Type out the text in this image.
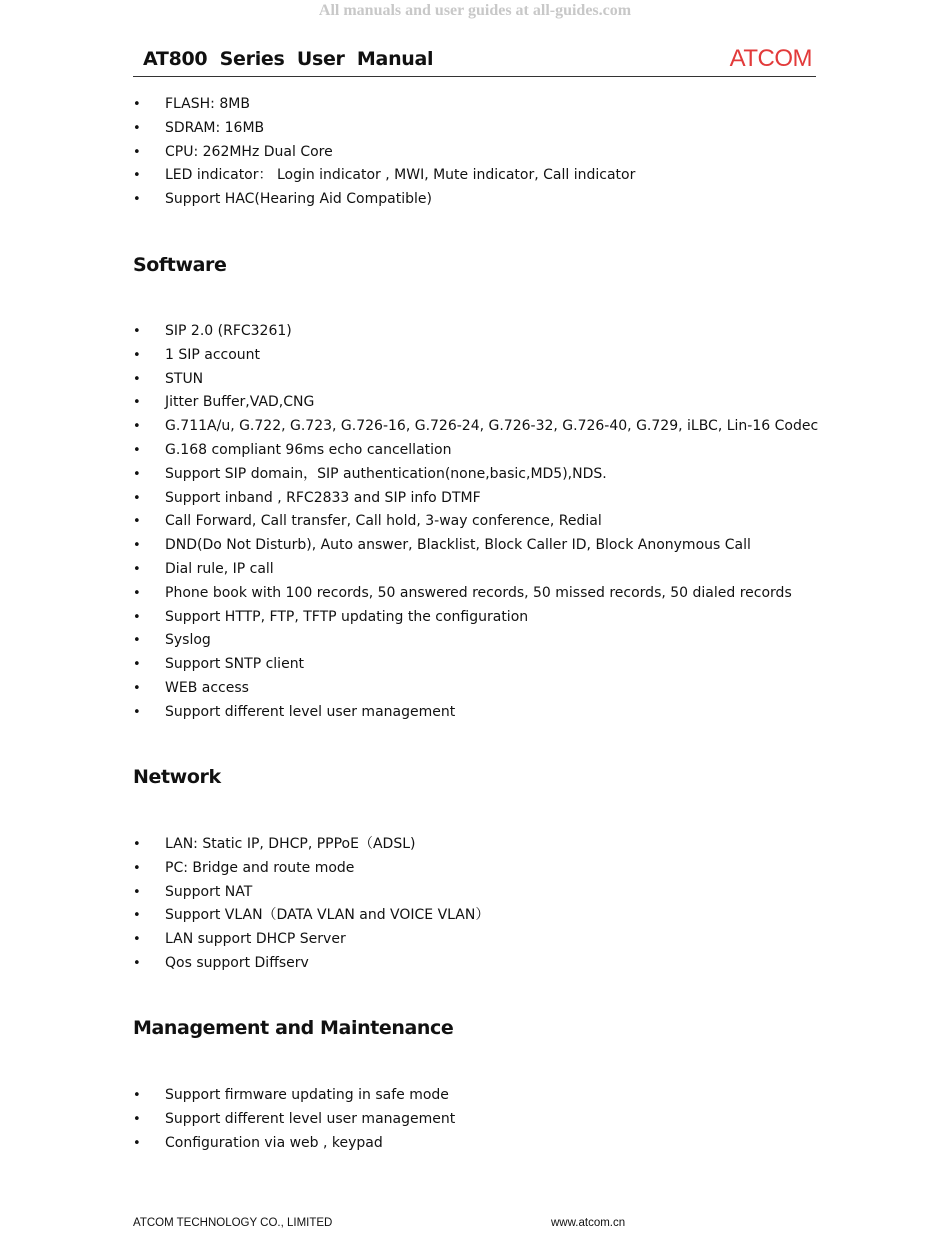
All manuals and user guides at all-guides.com
AT800 Series User Manual	ATCOM
• FLASH: 8MB
• SDRAM: 16MB
• CPU: 262MHz Dual Core
• LED indicator： Login indicator , MWI, Mute indicator, Call indicator
• Support HAC(Hearing Aid Compatible)
Software
• SIP 2.0 (RFC3261)
• 1 SIP account
• STUN
• Jitter Buffer,VAD,CNG
• G.711A/u, G.722, G.723, G.726-16, G.726-24, G.726-32, G.726-40, G.729, iLBC, Lin-16 Codec
• G.168 compliant 96ms echo cancellation
• Support SIP domain，SIP authentication(none,basic,MD5),NDS.
• Support inband , RFC2833 and SIP info DTMF
• Call Forward, Call transfer, Call hold, 3-way conference, Redial
• DND(Do Not Disturb), Auto answer, Blacklist, Block Caller ID, Block Anonymous Call
• Dial rule, IP call
• Phone book with 100 records, 50 answered records, 50 missed records, 50 dialed records
• Support HTTP, FTP, TFTP updating the configuration
• Syslog
• Support SNTP client
• WEB access
• Support different level user management
Network
• LAN: Static IP, DHCP, PPPoE（ADSL)
• PC: Bridge and route mode
• Support NAT
• Support VLAN（DATA VLAN and VOICE VLAN）
• LAN support DHCP Server
• Qos support Diffserv
Management and Maintenance
• Support firmware updating in safe mode
• Support different level user management
• Configuration via web , keypad
ATCOM TECHNOLOGY CO., LIMITED	www.atcom.cn
